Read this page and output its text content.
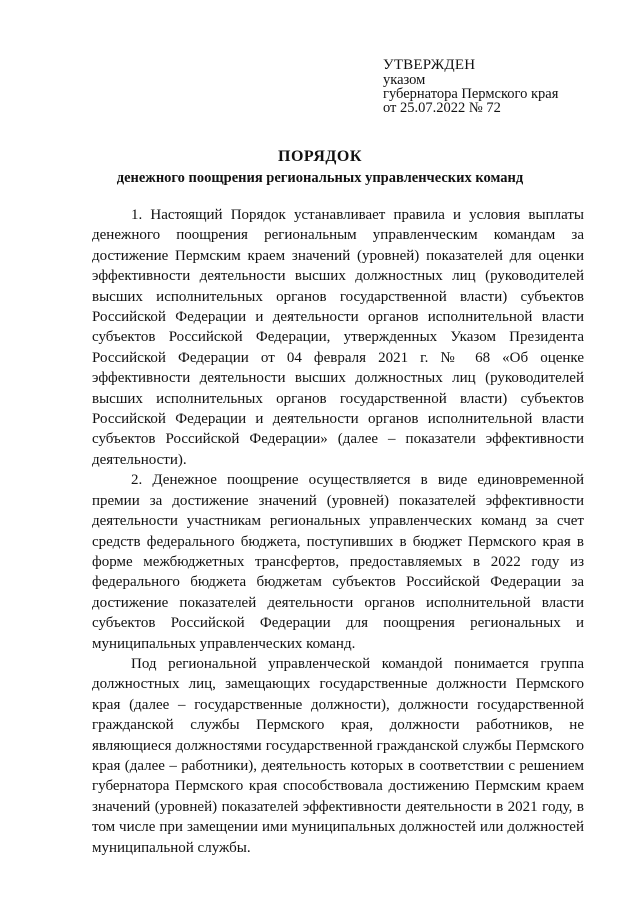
УТВЕРЖДЕН
указом
губернатора Пермского края
от 25.07.2022 № 72
ПОРЯДОК
денежного поощрения региональных управленческих команд

1. Настоящий Порядок устанавливает правила и условия выплаты денежного поощрения региональным управленческим командам за достижение Пермским краем значений (уровней) показателей для оценки эффективности деятельности высших должностных лиц (руководителей высших исполнительных органов государственной власти) субъектов Российской Федерации и деятельности органов исполнительной власти субъектов Российской Федерации, утвержденных Указом Президента Российской Федерации от 04 февраля 2021 г. № 68 «Об оценке эффективности деятельности высших должностных лиц (руководителей высших исполнительных органов государственной власти) субъектов Российской Федерации и деятельности органов исполнительной власти субъектов Российской Федерации» (далее – показатели эффективности деятельности).

2. Денежное поощрение осуществляется в виде единовременной премии за достижение значений (уровней) показателей эффективности деятельности участникам региональных управленческих команд за счет средств федерального бюджета, поступивших в бюджет Пермского края в форме межбюджетных трансфертов, предоставляемых в 2022 году из федерального бюджета бюджетам субъектов Российской Федерации за достижение показателей деятельности органов исполнительной власти субъектов Российской Федерации для поощрения региональных и муниципальных управленческих команд.

Под региональной управленческой командой понимается группа должностных лиц, замещающих государственные должности Пермского края (далее – государственные должности), должности государственной гражданской службы Пермского края, должности работников, не являющиеся должностями государственной гражданской службы Пермского края (далее – работники), деятельность которых в соответствии с решением губернатора Пермского края способствовала достижению Пермским краем значений (уровней) показателей эффективности деятельности в 2021 году, в том числе при замещении ими муниципальных должностей или должностей муниципальной службы.
